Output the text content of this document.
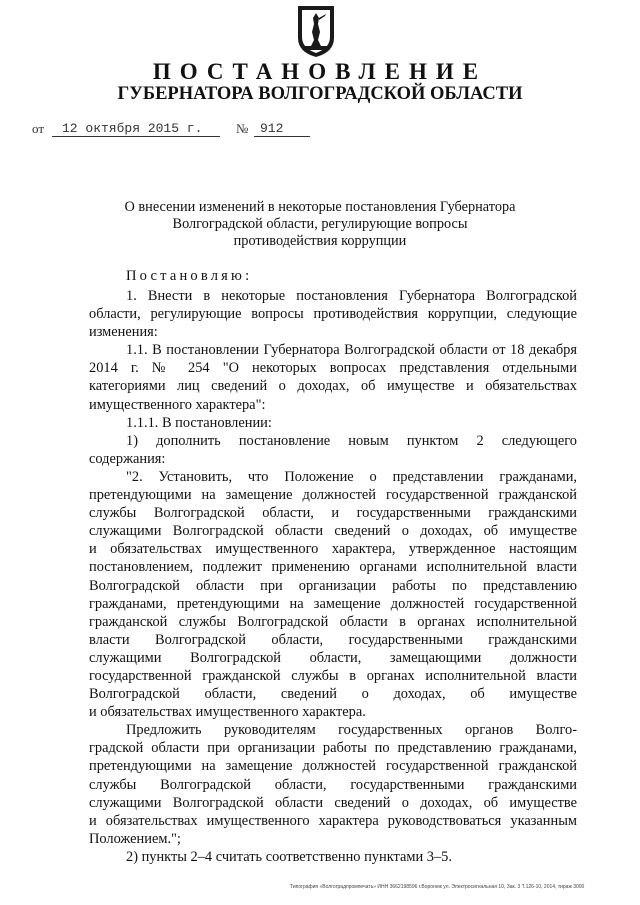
ПОСТАНОВЛЕНИЕ
ГУБЕРНАТОРА ВОЛГОГРАДСКОЙ ОБЛАСТИ
от	12 октября 2015 г.	№ 912
О внесении изменений в некоторые постановления Губернатора
Волгоградской области, регулирующие вопросы
противодействия коррупции
Постановляю:
1. Внести в некоторые постановления Губернатора Волгоградской
области, регулирующие вопросы противодействия коррупции, следующие
изменения:
1.1. В постановлении Губернатора Волгоградской области от 18 декабря
2014 г. № 254 "О некоторых вопросах представления отдельными
категориями лиц сведений о доходах, об имуществе и обязательствах
имущественного характера":
1.1.1. В постановлении:
1) дополнить постановление новым пунктом 2 следующего
содержания:
"2. Установить, что Положение о представлении гражданами,
претендующими на замещение должностей государственной гражданской
службы Волгоградской области, и государственными гражданскими
служащими Волгоградской области сведений о доходах, об имуществе
и обязательствах имущественного характера, утвержденное настоящим
постановлением, подлежит применению органами исполнительной власти
Волгоградской области при организации работы по представлению
гражданами, претендующими на замещение должностей государственной
гражданской службы Волгоградской области в органах исполнительной
власти Волгоградской области, государственными гражданскими
служащими Волгоградской области, замещающими должности
государственной гражданской службы в органах исполнительной власти
Волгоградской области, сведений о доходах, об имуществе
и обязательствах имущественного характера.
Предложить руководителям государственных органов Волго-
градской области при организации работы по представлению гражданами,
претендующими на замещение должностей государственной гражданской
службы Волгоградской области, государственными гражданскими
служащими Волгоградской области сведений о доходах, об имуществе
и обязательствах имущественного характера руководствоваться указанным
Положением.";
2) пункты 2–4 считать соответственно пунктами 3–5.
Типография «Волгоградпромпечать» ИНН 3662198596 г.Воронеж ул. Электросигнальная 10, Зак. 3 Т.126-10, 2014, тираж 3000
